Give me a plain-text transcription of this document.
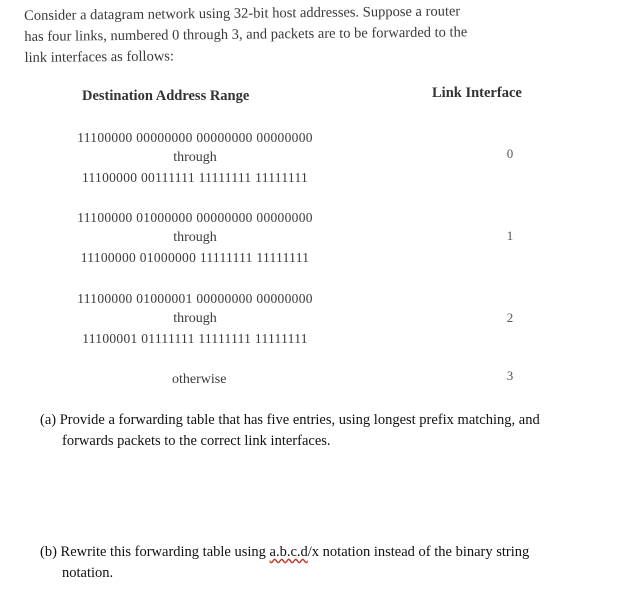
Consider a datagram network using 32-bit host addresses. Suppose a router
has four links, numbered 0 through 3, and packets are to be forwarded to the
link interfaces as follows:
Destination Address Range	Link Interface
11100000 00000000 00000000 00000000
through
11100000 00111111 11111111 11111111
0
11100000 01000000 00000000 00000000
through
11100000 01000000 11111111 11111111
1
11100000 01000001 00000000 00000000
through
11100001 01111111 11111111 11111111
2
otherwise	3
(a) Provide a forwarding table that has five entries, using longest prefix matching, and
forwards packets to the correct link interfaces.
(b) Rewrite this forwarding table using a.b.c.d/x notation instead of the binary string
notation.
